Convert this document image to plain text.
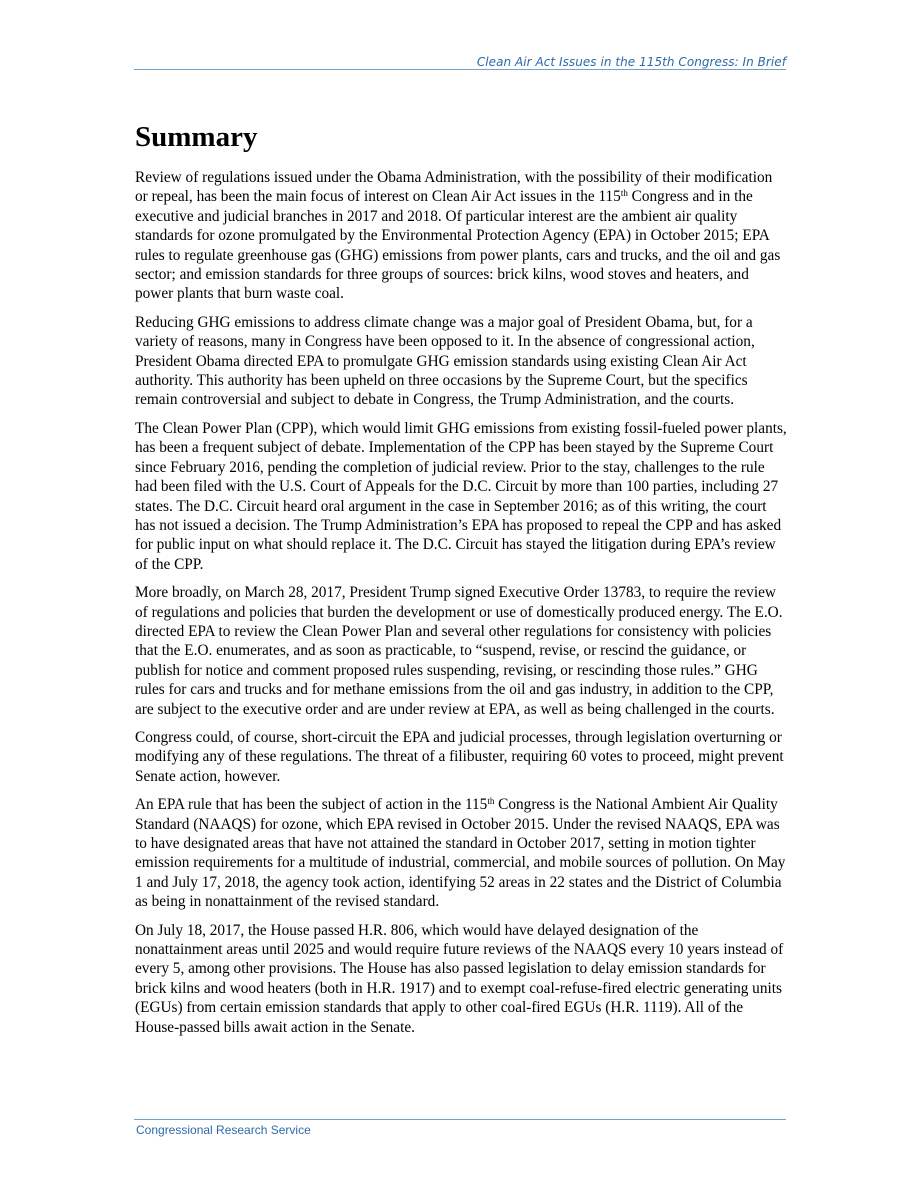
Clean Air Act Issues in the 115th Congress: In Brief
Summary

Review of regulations issued under the Obama Administration, with the possibility of their modification or repeal, has been the main focus of interest on Clean Air Act issues in the 115th Congress and in the executive and judicial branches in 2017 and 2018. Of particular interest are the ambient air quality standards for ozone promulgated by the Environmental Protection Agency (EPA) in October 2015; EPA rules to regulate greenhouse gas (GHG) emissions from power plants, cars and trucks, and the oil and gas sector; and emission standards for three groups of sources: brick kilns, wood stoves and heaters, and power plants that burn waste coal.

Reducing GHG emissions to address climate change was a major goal of President Obama, but, for a variety of reasons, many in Congress have been opposed to it. In the absence of congressional action, President Obama directed EPA to promulgate GHG emission standards using existing Clean Air Act authority. This authority has been upheld on three occasions by the Supreme Court, but the specifics remain controversial and subject to debate in Congress, the Trump Administration, and the courts.

The Clean Power Plan (CPP), which would limit GHG emissions from existing fossil-fueled power plants, has been a frequent subject of debate. Implementation of the CPP has been stayed by the Supreme Court since February 2016, pending the completion of judicial review. Prior to the stay, challenges to the rule had been filed with the U.S. Court of Appeals for the D.C. Circuit by more than 100 parties, including 27 states. The D.C. Circuit heard oral argument in the case in September 2016; as of this writing, the court has not issued a decision. The Trump Administration’s EPA has proposed to repeal the CPP and has asked for public input on what should replace it. The D.C. Circuit has stayed the litigation during EPA’s review of the CPP.

More broadly, on March 28, 2017, President Trump signed Executive Order 13783, to require the review of regulations and policies that burden the development or use of domestically produced energy. The E.O. directed EPA to review the Clean Power Plan and several other regulations for consistency with policies that the E.O. enumerates, and as soon as practicable, to “suspend, revise, or rescind the guidance, or publish for notice and comment proposed rules suspending, revising, or rescinding those rules.” GHG rules for cars and trucks and for methane emissions from the oil and gas industry, in addition to the CPP, are subject to the executive order and are under review at EPA, as well as being challenged in the courts.

Congress could, of course, short-circuit the EPA and judicial processes, through legislation overturning or modifying any of these regulations. The threat of a filibuster, requiring 60 votes to proceed, might prevent Senate action, however.

An EPA rule that has been the subject of action in the 115th Congress is the National Ambient Air Quality Standard (NAAQS) for ozone, which EPA revised in October 2015. Under the revised NAAQS, EPA was to have designated areas that have not attained the standard in October 2017, setting in motion tighter emission requirements for a multitude of industrial, commercial, and mobile sources of pollution. On May 1 and July 17, 2018, the agency took action, identifying 52 areas in 22 states and the District of Columbia as being in nonattainment of the revised standard.

On July 18, 2017, the House passed H.R. 806, which would have delayed designation of the nonattainment areas until 2025 and would require future reviews of the NAAQS every 10 years instead of every 5, among other provisions. The House has also passed legislation to delay emission standards for brick kilns and wood heaters (both in H.R. 1917) and to exempt coal-refuse-fired electric generating units (EGUs) from certain emission standards that apply to other coal-fired EGUs (H.R. 1119). All of the House-passed bills await action in the Senate.

Congressional Research Service
